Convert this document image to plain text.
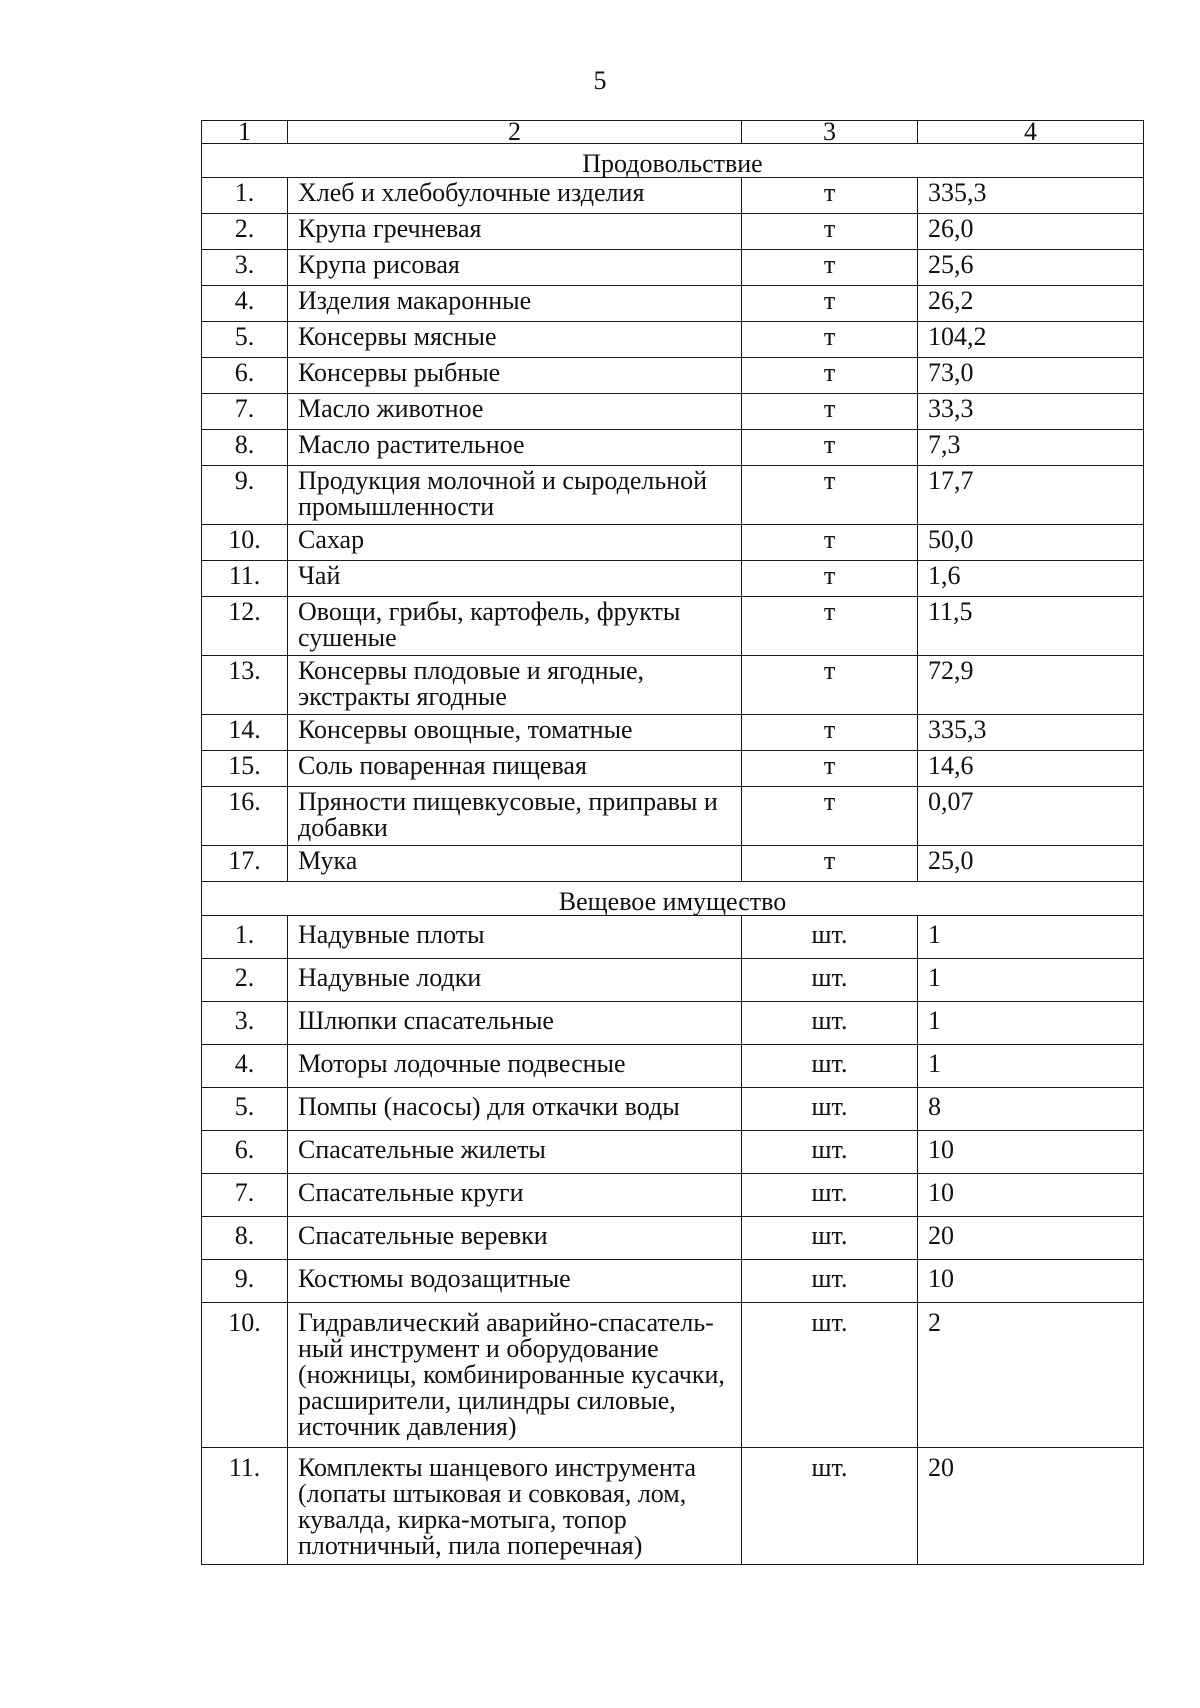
5
1	2	3	4
Продовольствие			
1.	Хлеб и хлебобулочные изделия	т	335,3
2.	Крупа гречневая	т	26,0
3.	Крупа рисовая	т	25,6
4.	Изделия макаронные	т	26,2
5.	Консервы мясные	т	104,2
6.	Консервы рыбные	т	73,0
7.	Масло животное	т	33,3
8.	Масло растительное	т	7,3
9.	Продукция молочной и сыродельной промышленности	т	17,7
10.	Сахар	т	50,0
11.	Чай	т	1,6
12.	Овощи, грибы, картофель, фрукты сушеные	т	11,5
13.	Консервы плодовые и ягодные, экстракты ягодные	т	72,9
14.	Консервы овощные, томатные	т	335,3
15.	Соль поваренная пищевая	т	14,6
16.	Пряности пищевкусовые, приправы и добавки	т	0,07
17.	Мука	т	25,0
Вещевое имущество			
1.	Надувные плоты	шт.	1
2.	Надувные лодки	шт.	1
3.	Шлюпки спасательные	шт.	1
4.	Моторы лодочные подвесные	шт.	1
5.	Помпы (насосы) для откачки воды	шт.	8
6.	Спасательные жилеты	шт.	10
7.	Спасательные круги	шт.	10
8.	Спасательные веревки	шт.	20
9.	Костюмы водозащитные	шт.	10
10.	Гидравлический аварийно-спасатель-ный инструмент и оборудование (ножницы, комбинированные кусачки, расширители, цилиндры силовые, источник давления)	шт.	2
11.	Комплекты шанцевого инструмента (лопаты штыковая и совковая, лом, кувалда, кирка-мотыга, топор плотничный, пила поперечная)	шт.	20
